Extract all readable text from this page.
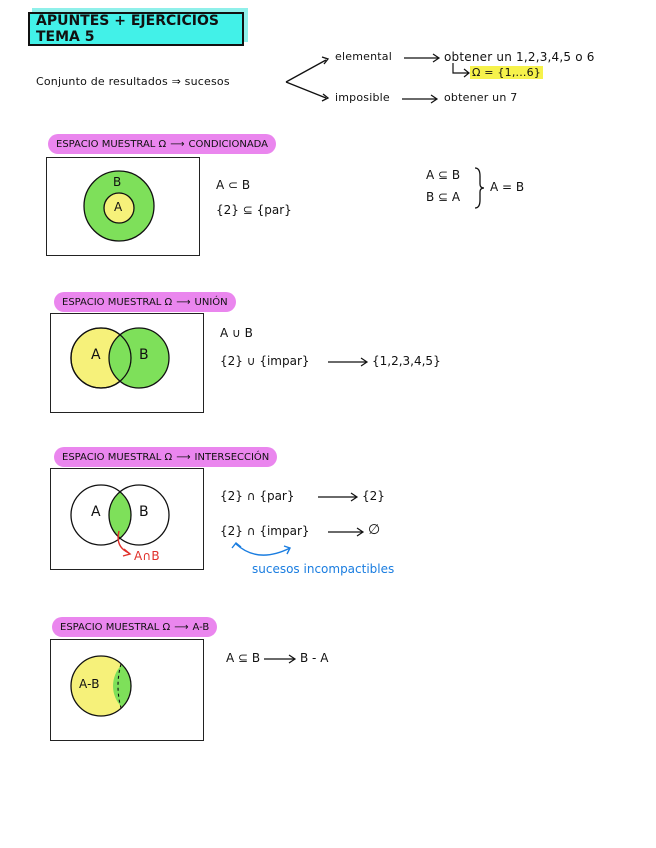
APUNTES + EJERCICIOS TEMA 5
Conjunto de resultados ⇒ sucesos
elemental	obtener un 1,2,3,4,5 o 6
Ω = {1,...6}
imposible	obtener un 7
ESPACIO MUESTRAL Ω ⟶ CONDICIONADA
B
A
A ⊂ B
{2} ⊆ {par}
A ⊆ B
B ⊆ A
A = B
ESPACIO MUESTRAL Ω ⟶ UNIÓN
A	B
A ∪ B
{2} ∪ {impar}	{1,2,3,4,5}
ESPACIO MUESTRAL Ω ⟶ INTERSECCIÓN
A	B
A∩B
{2} ∩ {par}	{2}
{2} ∩ {impar}	∅
sucesos incompactibles
ESPACIO MUESTRAL Ω ⟶ A-B
A-B
A ⊆ B	B - A
